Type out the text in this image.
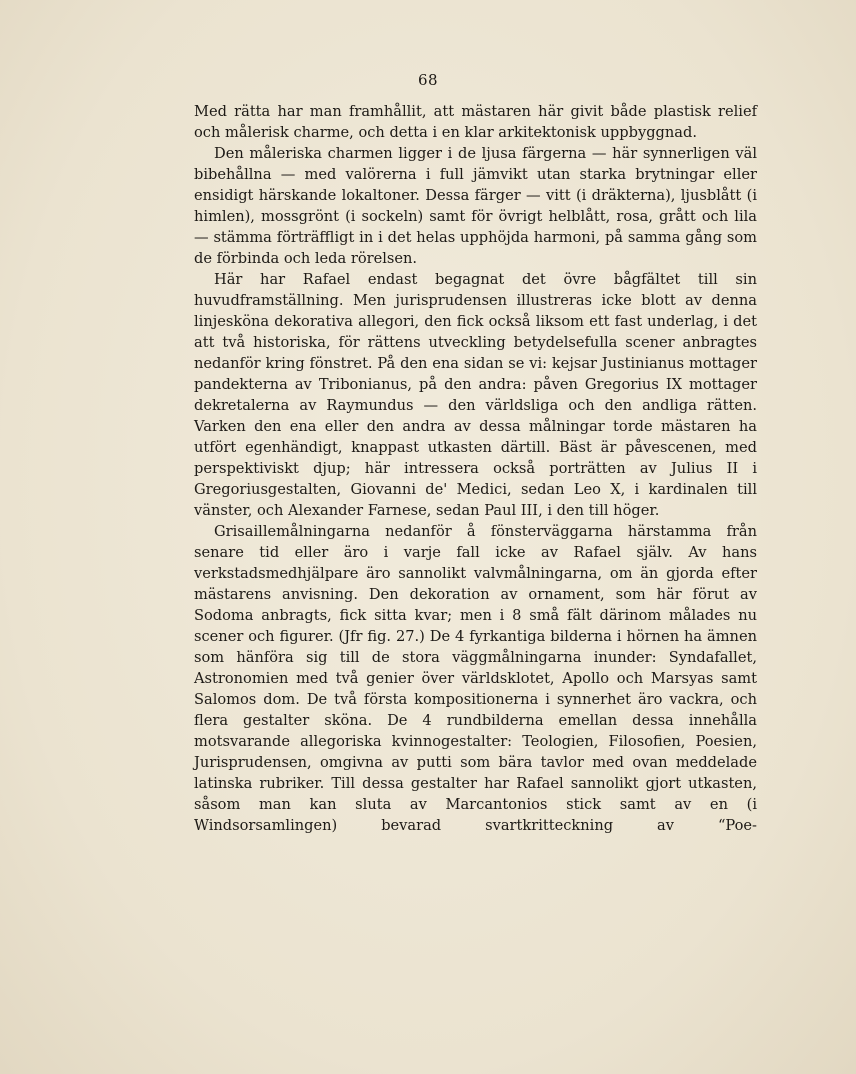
68

Med rätta har man framhållit, att mästaren här givit både plastisk relief och målerisk charme, och detta i en klar arkitektonisk uppbyggnad.

Den måleriska charmen ligger i de ljusa färgerna — här synnerligen väl bibehållna — med valörerna i full jämvikt utan starka brytningar eller ensidigt härskande lokaltoner. Dessa färger — vitt (i dräkterna), ljusblått (i himlen), mossgrönt (i sockeln) samt för övrigt helblått, rosa, grått och lila — stämma förträffligt in i det helas upphöjda harmoni, på samma gång som de förbinda och leda rörelsen.

Här har Rafael endast begagnat det övre bågfältet till sin huvudframställning. Men jurisprudensen illustreras icke blott av denna linjesköna dekorativa allegori, den fick också liksom ett fast underlag, i det att två historiska, för rättens utveckling betydelsefulla scener anbragtes nedanför kring fönstret. På den ena sidan se vi: kejsar Justinianus mottager pandekterna av Tribonianus, på den andra: påven Gregorius IX mottager dekretalerna av Raymundus — den världsliga och den andliga rätten. Varken den ena eller den andra av dessa målningar torde mästaren ha utfört egenhändigt, knappast utkasten därtill. Bäst är påvescenen, med perspektiviskt djup; här intressera också porträtten av Julius II i Gregoriusgestalten, Giovanni de' Medici, sedan Leo X, i kardinalen till vänster, och Alexander Farnese, sedan Paul III, i den till höger.

Grisaillemålningarna nedanför å fönsterväggarna härstamma från senare tid eller äro i varje fall icke av Rafael själv. Av hans verkstadsmedhjälpare äro sannolikt valvmålningarna, om än gjorda efter mästarens anvisning. Den dekoration av ornament, som här förut av Sodoma anbragts, fick sitta kvar; men i 8 små fält därinom målades nu scener och figurer. (Jfr fig. 27.) De 4 fyrkantiga bilderna i hörnen ha ämnen som hänföra sig till de stora väggmålningarna inunder: Syndafallet, Astronomien med två genier över världsklotet, Apollo och Marsyas samt Salomos dom. De två första kompositionerna i synnerhet äro vackra, och flera gestalter sköna. De 4 rundbilderna emellan dessa innehålla motsvarande allegoriska kvinnogestalter: Teologien, Filosofien, Poesien, Jurisprudensen, omgivna av putti som bära tavlor med ovan meddelade latinska rubriker. Till dessa gestalter har Rafael sannolikt gjort utkasten, såsom man kan sluta av Marcantonios stick samt av en (i Windsorsamlingen) bevarad svartkritteckning av “Poe-
